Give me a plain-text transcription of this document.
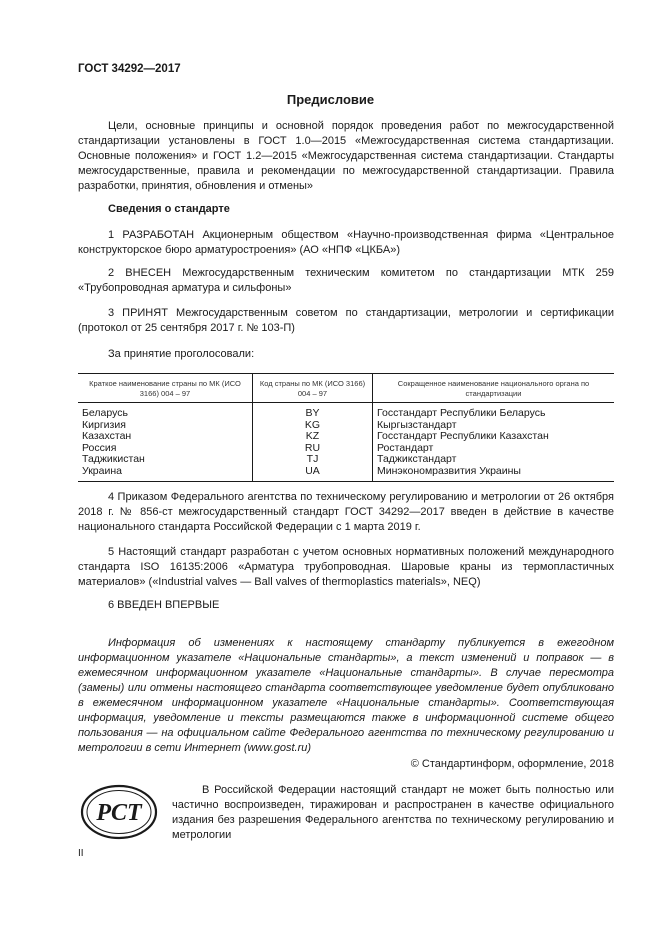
ГОСТ 34292—2017
Предисловие
Цели, основные принципы и основной порядок проведения работ по межгосударственной стандартизации установлены в ГОСТ 1.0—2015 «Межгосударственная система стандартизации. Основные положения» и ГОСТ 1.2—2015 «Межгосударственная система стандартизации. Стандарты межгосударственные, правила и рекомендации по межгосударственной стандартизации. Правила разработки, принятия, обновления и отмены»
Сведения о стандарте
1 РАЗРАБОТАН Акционерным обществом «Научно-производственная фирма «Центральное конструкторское бюро арматуростроения» (АО «НПФ «ЦКБА»)
2 ВНЕСЕН Межгосударственным техническим комитетом по стандартизации МТК 259 «Трубопроводная арматура и сильфоны»
3 ПРИНЯТ Межгосударственным советом по стандартизации, метрологии и сертификации (протокол от 25 сентября 2017 г. № 103-П)
За принятие проголосовали:
Краткое наименование страны по МК (ИСО 3166) 004 – 97	Код страны по МК (ИСО 3166) 004 – 97	Сокращенное наименование национального органа по стандартизации
Беларусь	BY	Госстандарт Республики Беларусь
Киргизия	KG	Кыргызстандарт
Казахстан	KZ	Госстандарт Республики Казахстан
Россия	RU	Ростандарт
Таджикистан	TJ	Таджикстандарт
Украина	UA	Минэкономразвития Украины
4 Приказом Федерального агентства по техническому регулированию и метрологии от 26 октября 2018 г. № 856-ст межгосударственный стандарт ГОСТ 34292—2017 введен в действие в качестве национального стандарта Российской Федерации с 1 марта 2019 г.
5 Настоящий стандарт разработан с учетом основных нормативных положений международного стандарта ISO 16135:2006 «Арматура трубопроводная. Шаровые краны из термопластичных материалов» («Industrial valves — Ball valves of thermoplastics materials», NEQ)
6 ВВЕДЕН ВПЕРВЫЕ
Информация об изменениях к настоящему стандарту публикуется в ежегодном информационном указателе «Национальные стандарты», а текст изменений и поправок — в ежемесячном информационном указателе «Национальные стандарты». В случае пересмотра (замены) или отмены настоящего стандарта соответствующее уведомление будет опубликовано в ежемесячном информационном указателе «Национальные стандарты». Соответствующая информация, уведомление и тексты размещаются также в информационной системе общего пользования — на официальном сайте Федерального агентства по техническому регулированию и метрологии в сети Интернет (www.gost.ru)
© Стандартинформ, оформление, 2018
РСТ
В Российской Федерации настоящий стандарт не может быть полностью или частично воспроизведен, тиражирован и распространен в качестве официального издания без разрешения Федерального агентства по техническому регулированию и метрологии
II
